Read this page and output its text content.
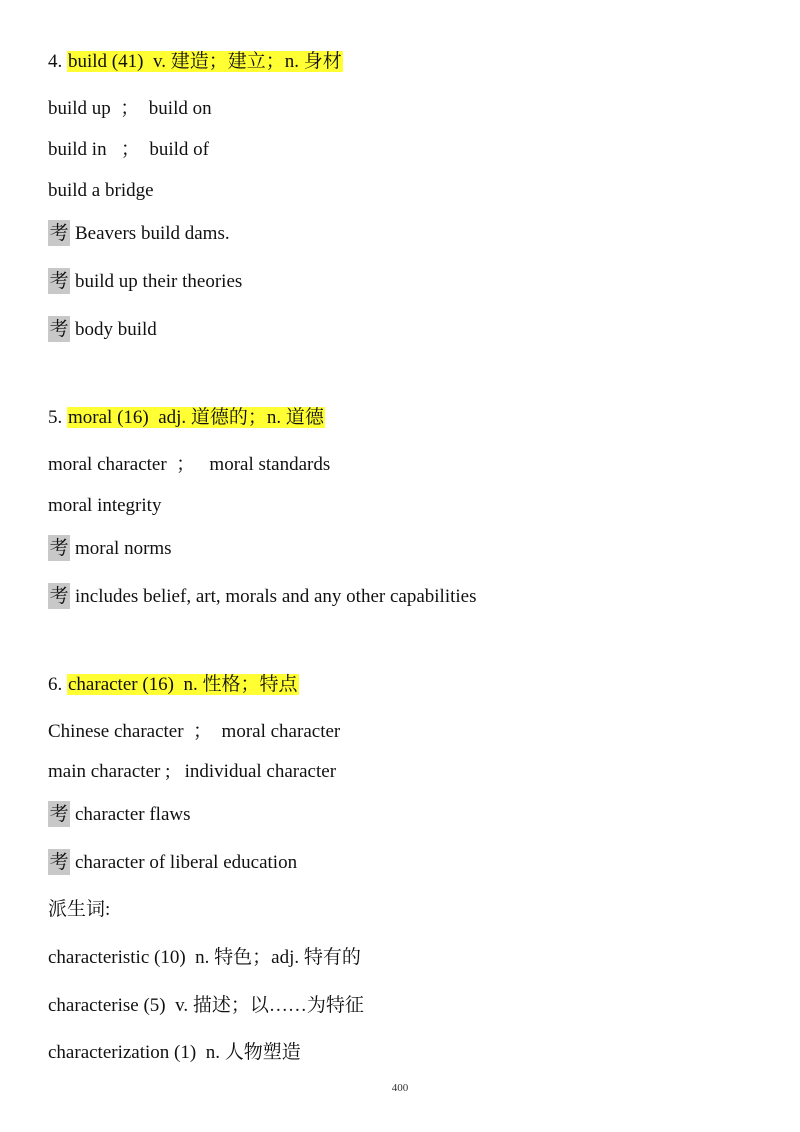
4. build (41)  v. 建造；建立；n. 身材
build up  ；  build on
build in   ；  build of
build a bridge
考 Beavers build dams.
考 build up their theories
考 body build
5. moral (16)  adj. 道德的；n. 道德
moral character  ；   moral standards
moral integrity
考 moral norms
考 includes belief, art, morals and any other capabilities
6. character (16)  n. 性格；特点
Chinese character  ；  moral character
main character ;   individual character
考 character flaws
考 character of liberal education
派生词:
characteristic (10)  n. 特色；adj. 特有的
characterise (5)  v. 描述；以……为特征
characterization (1)  n. 人物塑造
400
